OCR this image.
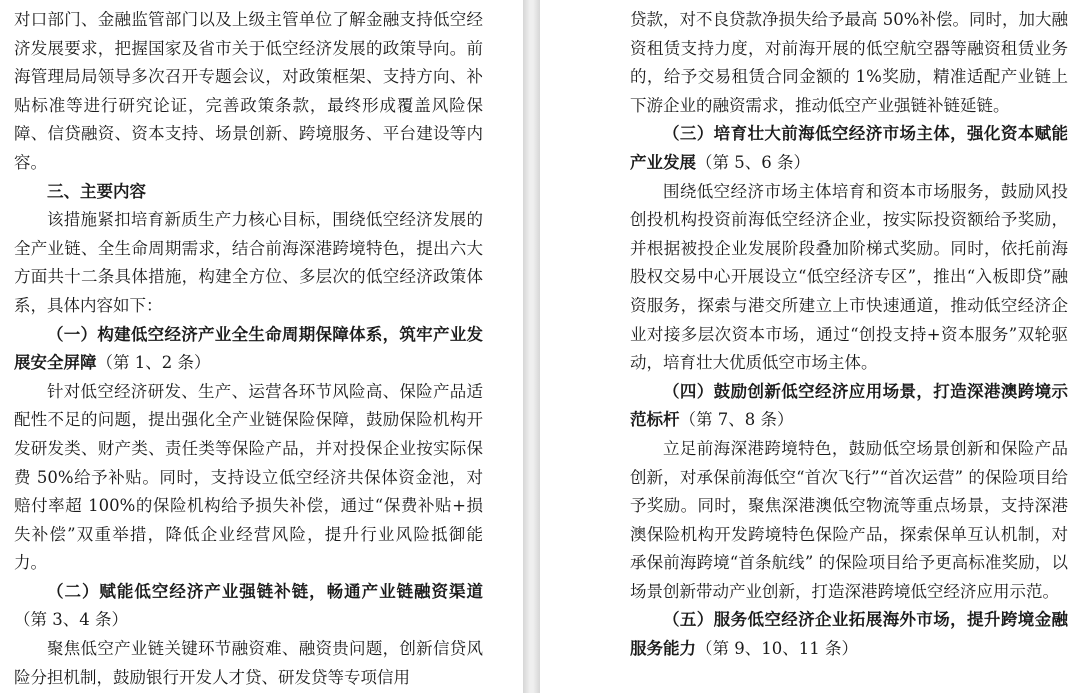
对口部门、金融监管部门以及上级主管单位了解金融支持低空经济发展要求，把握国家及省市关于低空经济发展的政策导向。前海管理局局领导多次召开专题会议，对政策框架、支持方向、补贴标准等进行研究论证，完善政策条款，最终形成覆盖风险保障、信贷融资、资本支持、场景创新、跨境服务、平台建设等内容。

三、主要内容

该措施紧扣培育新质生产力核心目标，围绕低空经济发展的全产业链、全生命周期需求，结合前海深港跨境特色，提出六大方面共十二条具体措施，构建全方位、多层次的低空经济政策体系，具体内容如下：

（一）构建低空经济产业全生命周期保障体系，筑牢产业发展安全屏障（第 1、2 条）

针对低空经济研发、生产、运营各环节风险高、保险产品适配性不足的问题，提出强化全产业链保险保障，鼓励保险机构开发研发类、财产类、责任类等保险产品，并对投保企业按实际保费 50%给予补贴。同时，支持设立低空经济共保体资金池，对赔付率超 100%的保险机构给予损失补偿，通过“保费补贴+损失补偿”双重举措，降低企业经营风险，提升行业风险抵御能力。

（二）赋能低空经济产业强链补链，畅通产业链融资渠道（第 3、4 条）

聚焦低空产业链关键环节融资难、融资贵问题，创新信贷风险分担机制，鼓励银行开发人才贷、研发贷等专项信用

贷款，对不良贷款净损失给予最高 50%补偿。同时，加大融资租赁支持力度，对前海开展的低空航空器等融资租赁业务的，给予交易租赁合同金额的 1%奖励，精准适配产业链上下游企业的融资需求，推动低空产业强链补链延链。

（三）培育壮大前海低空经济市场主体，强化资本赋能产业发展（第 5、6 条）

围绕低空经济市场主体培育和资本市场服务，鼓励风投创投机构投资前海低空经济企业，按实际投资额给予奖励，并根据被投企业发展阶段叠加阶梯式奖励。同时，依托前海股权交易中心开展设立“低空经济专区”，推出“入板即贷”融资服务，探索与港交所建立上市快速通道，推动低空经济企业对接多层次资本市场，通过“创投支持+资本服务”双轮驱动，培育壮大优质低空市场主体。

（四）鼓励创新低空经济应用场景，打造深港澳跨境示范标杆（第 7、8 条）

立足前海深港跨境特色，鼓励低空场景创新和保险产品创新，对承保前海低空“首次飞行”“首次运营” 的保险项目给予奖励。同时，聚焦深港澳低空物流等重点场景，支持深港澳保险机构开发跨境特色保险产品，探索保单互认机制，对承保前海跨境“首条航线” 的保险项目给予更高标准奖励，以场景创新带动产业创新，打造深港跨境低空经济应用示范。

（五）服务低空经济企业拓展海外市场，提升跨境金融服务能力（第 9、10、11 条）
